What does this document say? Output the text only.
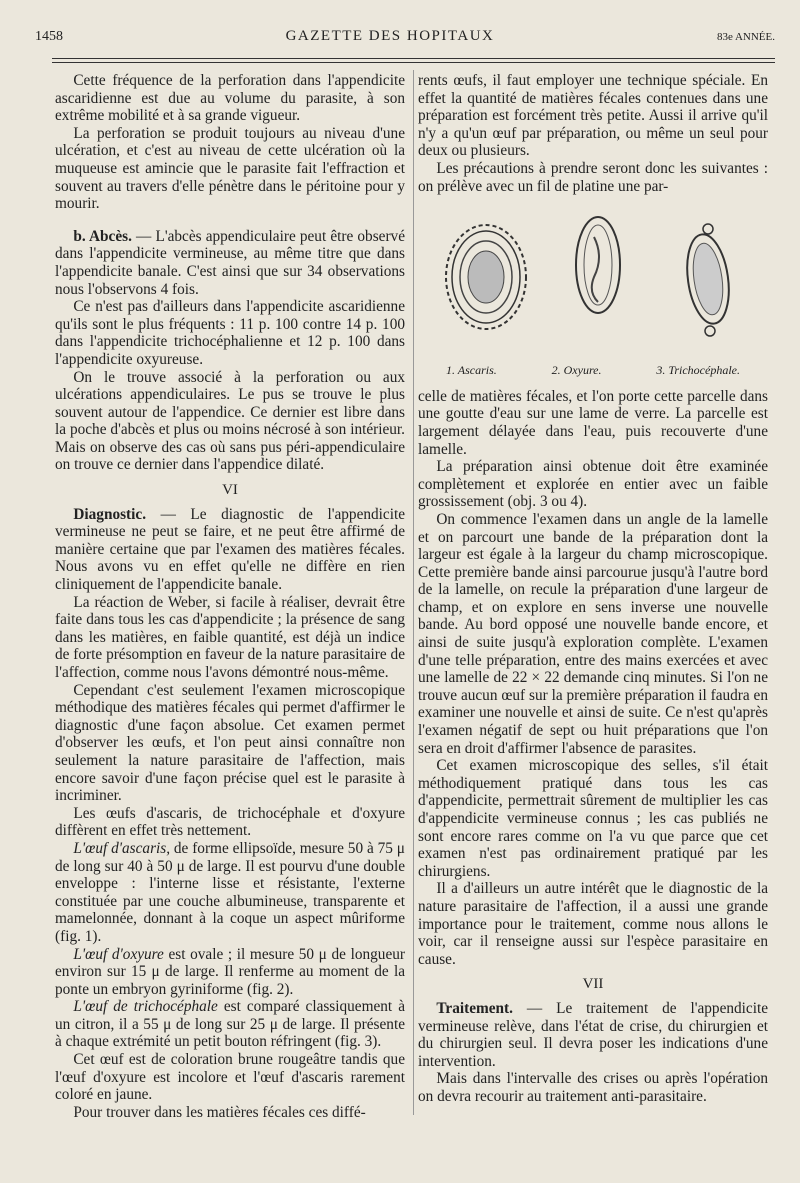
1458	GAZETTE DES HOPITAUX	83e ANNÉE.

Cette fréquence de la perforation dans l'appendicite ascaridienne est due au volume du parasite, à son extrême mobilité et à sa grande vigueur.

La perforation se produit toujours au niveau d'une ulcération, et c'est au niveau de cette ulcération où la muqueuse est amincie que le parasite fait l'effraction et souvent au travers d'elle pénètre dans le péritoine pour y mourir.

b. Abcès. — L'abcès appendiculaire peut être observé dans l'appendicite vermineuse, au même titre que dans l'appendicite banale. C'est ainsi que sur 34 observations nous l'observons 4 fois.

Ce n'est pas d'ailleurs dans l'appendicite ascaridienne qu'ils sont le plus fréquents : 11 p. 100 contre 14 p. 100 dans l'appendicite trichocéphalienne et 12 p. 100 dans l'appendicite oxyureuse.

On le trouve associé à la perforation ou aux ulcérations appendiculaires. Le pus se trouve le plus souvent autour de l'appendice. Ce dernier est libre dans la poche d'abcès et plus ou moins nécrosé à son intérieur. Mais on observe des cas où sans pus péri-appendiculaire on trouve ce dernier dans l'appendice dilaté.

VI

Diagnostic. — Le diagnostic de l'appendicite vermineuse ne peut se faire, et ne peut être affirmé de manière certaine que par l'examen des matières fécales. Nous avons vu en effet qu'elle ne diffère en rien cliniquement de l'appendicite banale.

La réaction de Weber, si facile à réaliser, devrait être faite dans tous les cas d'appendicite ; la présence de sang dans les matières, en faible quantité, est déjà un indice de forte présomption en faveur de la nature parasitaire de l'affection, comme nous l'avons démontré nous-même.

Cependant c'est seulement l'examen microscopique méthodique des matières fécales qui permet d'affirmer le diagnostic d'une façon absolue. Cet examen permet d'observer les œufs, et l'on peut ainsi connaître non seulement la nature parasitaire de l'affection, mais encore savoir d'une façon précise quel est le parasite à incriminer.

Les œufs d'ascaris, de trichocéphale et d'oxyure diffèrent en effet très nettement.

L'œuf d'ascaris, de forme ellipsoïde, mesure 50 à 75 μ de long sur 40 à 50 μ de large. Il est pourvu d'une double enveloppe : l'interne lisse et résistante, l'externe constituée par une couche albumineuse, transparente et mamelonnée, donnant à la coque un aspect mûriforme (fig. 1).

L'œuf d'oxyure est ovale ; il mesure 50 μ de longueur environ sur 15 μ de large. Il renferme au moment de la ponte un embryon gyriniforme (fig. 2).

L'œuf de trichocéphale est comparé classiquement à un citron, il a 55 μ de long sur 25 μ de large. Il présente à chaque extrémité un petit bouton réfringent (fig. 3).

Cet œuf est de coloration brune rougeâtre tandis que l'œuf d'oxyure est incolore et l'œuf d'ascaris rarement coloré en jaune.

Pour trouver dans les matières fécales ces diffé-

rents œufs, il faut employer une technique spéciale. En effet la quantité de matières fécales contenues dans une préparation est forcément très petite. Aussi il arrive qu'il n'y a qu'un œuf par préparation, ou même un seul pour deux ou plusieurs.

Les précautions à prendre seront donc les suivantes : on prélève avec un fil de platine une par-

1. Ascaris.	2. Oxyure.	3. Trichocéphale.

celle de matières fécales, et l'on porte cette parcelle dans une goutte d'eau sur une lame de verre. La parcelle est largement délayée dans l'eau, puis recouverte d'une lamelle.

La préparation ainsi obtenue doit être examinée complètement et explorée en entier avec un faible grossissement (obj. 3 ou 4).

On commence l'examen dans un angle de la lamelle et on parcourt une bande de la préparation dont la largeur est égale à la largeur du champ microscopique. Cette première bande ainsi parcourue jusqu'à l'autre bord de la lamelle, on recule la préparation d'une largeur de champ, et on explore en sens inverse une nouvelle bande. Au bord opposé une nouvelle bande encore, et ainsi de suite jusqu'à exploration complète. L'examen d'une telle préparation, entre des mains exercées et avec une lamelle de 22 × 22 demande cinq minutes. Si l'on ne trouve aucun œuf sur la première préparation il faudra en examiner une nouvelle et ainsi de suite. Ce n'est qu'après l'examen négatif de sept ou huit préparations que l'on sera en droit d'affirmer l'absence de parasites.

Cet examen microscopique des selles, s'il était méthodiquement pratiqué dans tous les cas d'appendicite, permettrait sûrement de multiplier les cas d'appendicite vermineuse connus ; les cas publiés ne sont encore rares comme on l'a vu que parce que cet examen n'est pas ordinairement pratiqué par les chirurgiens.

Il a d'ailleurs un autre intérêt que le diagnostic de la nature parasitaire de l'affection, il a aussi une grande importance pour le traitement, comme nous allons le voir, car il renseigne aussi sur l'espèce parasitaire en cause.

VII

Traitement. — Le traitement de l'appendicite vermineuse relève, dans l'état de crise, du chirurgien et du chirurgien seul. Il devra poser les indications d'une intervention.

Mais dans l'intervalle des crises ou après l'opération on devra recourir au traitement anti-parasitaire.
